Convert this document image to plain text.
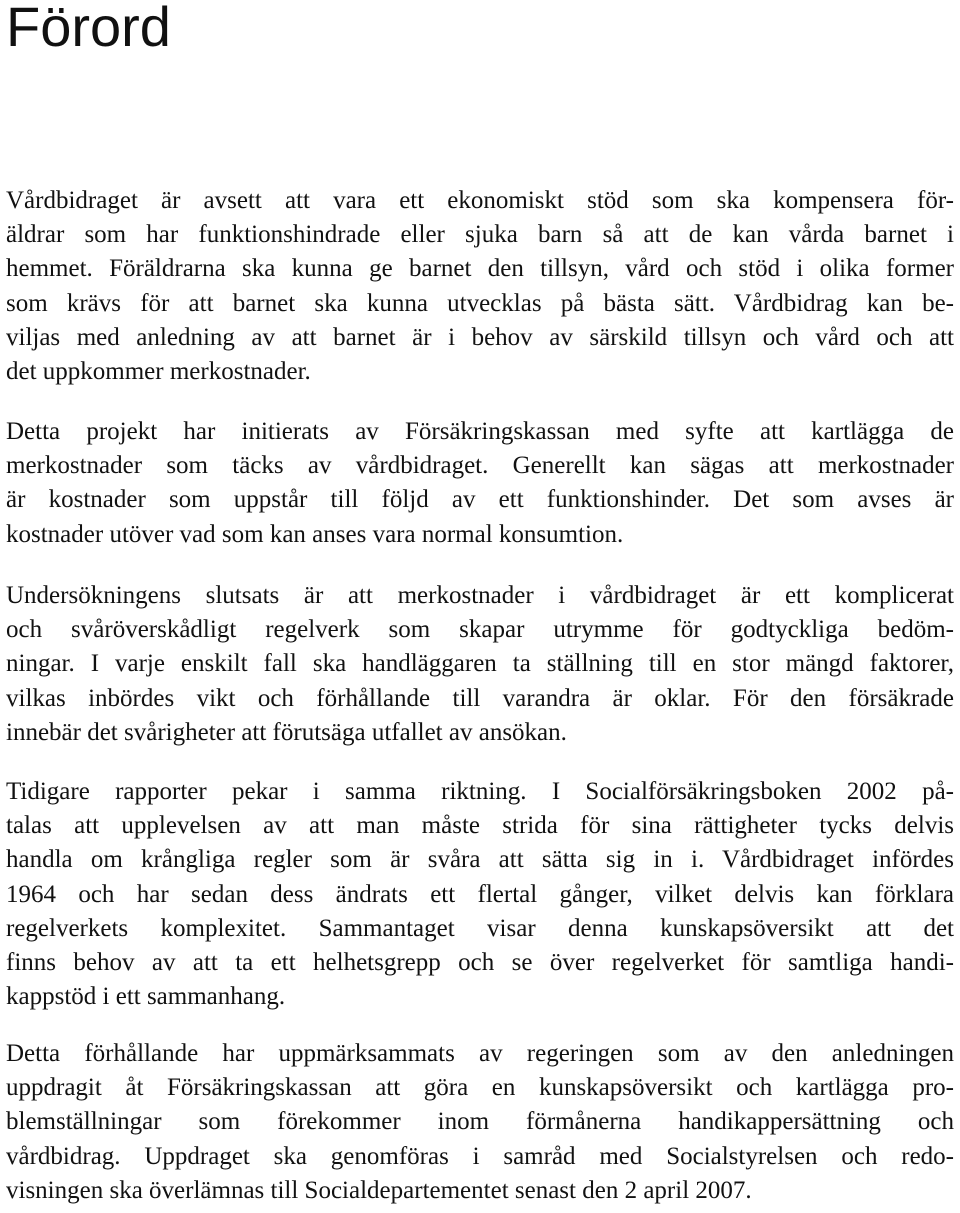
Förord

Vårdbidraget är avsett att vara ett ekonomiskt stöd som ska kompensera för-
äldrar som har funktionshindrade eller sjuka barn så att de kan vårda barnet i
hemmet. Föräldrarna ska kunna ge barnet den tillsyn, vård och stöd i olika former
som krävs för att barnet ska kunna utvecklas på bästa sätt. Vårdbidrag kan be-
viljas med anledning av att barnet är i behov av särskild tillsyn och vård och att
det uppkommer merkostnader.

Detta projekt har initierats av Försäkringskassan med syfte att kartlägga de
merkostnader som täcks av vårdbidraget. Generellt kan sägas att merkostnader
är kostnader som uppstår till följd av ett funktionshinder. Det som avses är
kostnader utöver vad som kan anses vara normal konsumtion.

Undersökningens slutsats är att merkostnader i vårdbidraget är ett komplicerat
och svåröverskådligt regelverk som skapar utrymme för godtyckliga bedöm-
ningar. I varje enskilt fall ska handläggaren ta ställning till en stor mängd faktorer,
vilkas inbördes vikt och förhållande till varandra är oklar. För den försäkrade
innebär det svårigheter att förutsäga utfallet av ansökan.

Tidigare rapporter pekar i samma riktning. I Socialförsäkringsboken 2002 på-
talas att upplevelsen av att man måste strida för sina rättigheter tycks delvis
handla om krångliga regler som är svåra att sätta sig in i. Vårdbidraget infördes
1964 och har sedan dess ändrats ett flertal gånger, vilket delvis kan förklara
regelverkets komplexitet. Sammantaget visar denna kunskapsöversikt att det
finns behov av att ta ett helhetsgrepp och se över regelverket för samtliga handi-
kappstöd i ett sammanhang.

Detta förhållande har uppmärksammats av regeringen som av den anledningen
uppdragit åt Försäkringskassan att göra en kunskapsöversikt och kartlägga pro-
blemställningar som förekommer inom förmånerna handikappersättning och
vårdbidrag. Uppdraget ska genomföras i samråd med Socialstyrelsen och redo-
visningen ska överlämnas till Socialdepartementet senast den 2 april 2007.
